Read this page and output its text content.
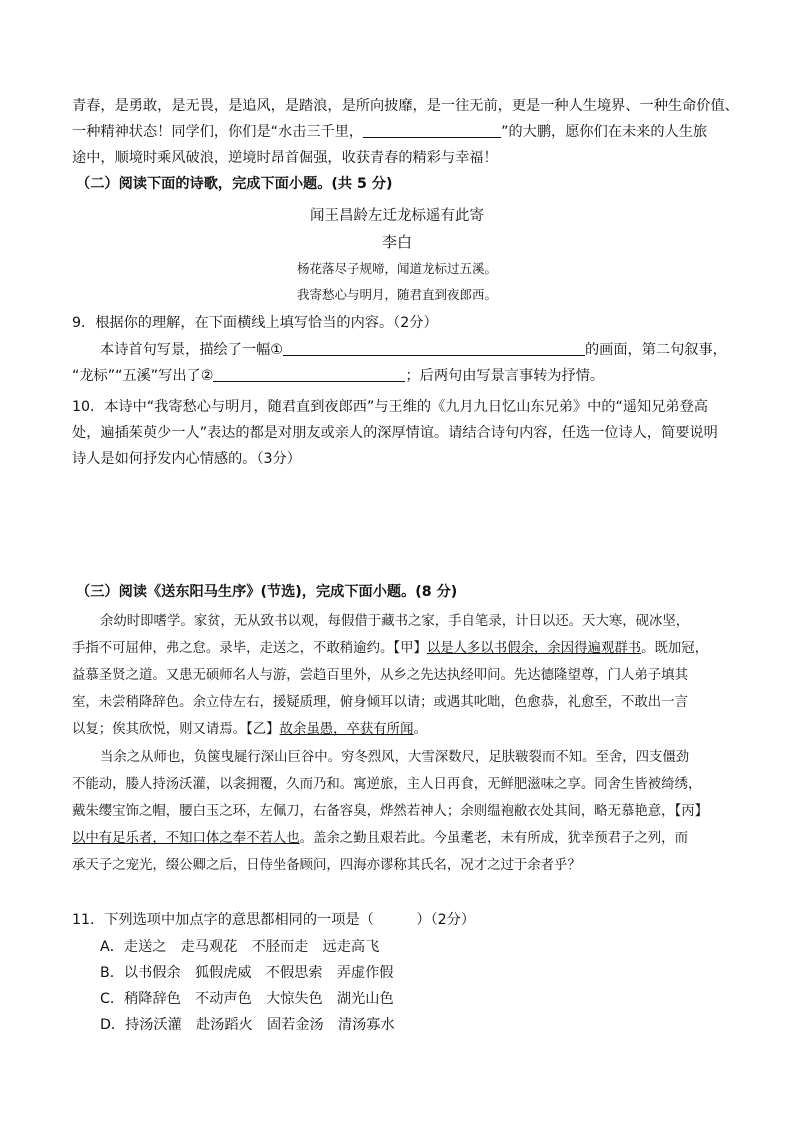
青春，是勇敢，是无畏，是追风，是踏浪，是所向披靡，是一往无前，更是一种人生境界、一种生命价值、
一种精神状态！同学们，你们是“水击三千里，	”的大鹏，愿你们在未来的人生旅
途中，顺境时乘风破浪，逆境时昂首倔强，收获青春的精彩与幸福！
（二）阅读下面的诗歌，完成下面小题。(共 5 分)
闻王昌龄左迁龙标遥有此寄
李白
杨花落尽子规啼，闻道龙标过五溪。
我寄愁心与明月，随君直到夜郎西。
9．根据你的理解，在下面横线上填写恰当的内容。（2分）
本诗首句写景，描绘了一幅①	的画面，第二句叙事，
“龙标”“五溪”写出了②	；后两句由写景言事转为抒情。
10．本诗中“我寄愁心与明月，随君直到夜郎西”与王维的《九月九日忆山东兄弟》中的“遥知兄弟登高
处，遍插茱萸少一人”表达的都是对朋友或亲人的深厚情谊。请结合诗句内容，任选一位诗人，简要说明
诗人是如何抒发内心情感的。（3分）
（三）阅读《送东阳马生序》(节选)，完成下面小题。(8 分)
余幼时即嗜学。家贫，无从致书以观，每假借于藏书之家，手自笔录，计日以还。天大寒，砚冰坚，
手指不可屈伸，弗之怠。录毕，走送之，不敢稍逾约。【甲】以是人多以书假余，余因得遍观群书。既加冠，
益慕圣贤之道。又患无硕师名人与游，尝趋百里外，从乡之先达执经叩问。先达德隆望尊，门人弟子填其
室，未尝稍降辞色。余立侍左右，援疑质理，俯身倾耳以请；或遇其叱咄，色愈恭，礼愈至，不敢出一言
以复；俟其欣悦，则又请焉。【乙】故余虽愚，卒获有所闻。
当余之从师也，负箧曳屣行深山巨谷中。穷冬烈风，大雪深数尺，足肤皲裂而不知。至舍，四支僵劲
不能动，媵人持汤沃灌，以衾拥覆，久而乃和。寓逆旅，主人日再食，无鲜肥滋味之享。同舍生皆被绮绣，
戴朱缨宝饰之帽，腰白玉之环，左佩刀，右备容臭，烨然若神人；余则缊袍敝衣处其间，略无慕艳意，【丙】
以中有足乐者，不知口体之奉不若人也。盖余之勤且艰若此。今虽耄老，未有所成，犹幸预君子之列，而
承天子之宠光，缀公卿之后，日侍坐备顾问，四海亦谬称其氏名，况才之过于余者乎？
11．下列选项中加点字的意思都相同的一项是（　　　）（2分）
A．走送之　走马观花　不胫而走　远走高飞
B．以书假余　狐假虎威　不假思索　弄虚作假
C．稍降辞色　不动声色　大惊失色　湖光山色
D．持汤沃灌　赴汤蹈火　固若金汤　清汤寡水
